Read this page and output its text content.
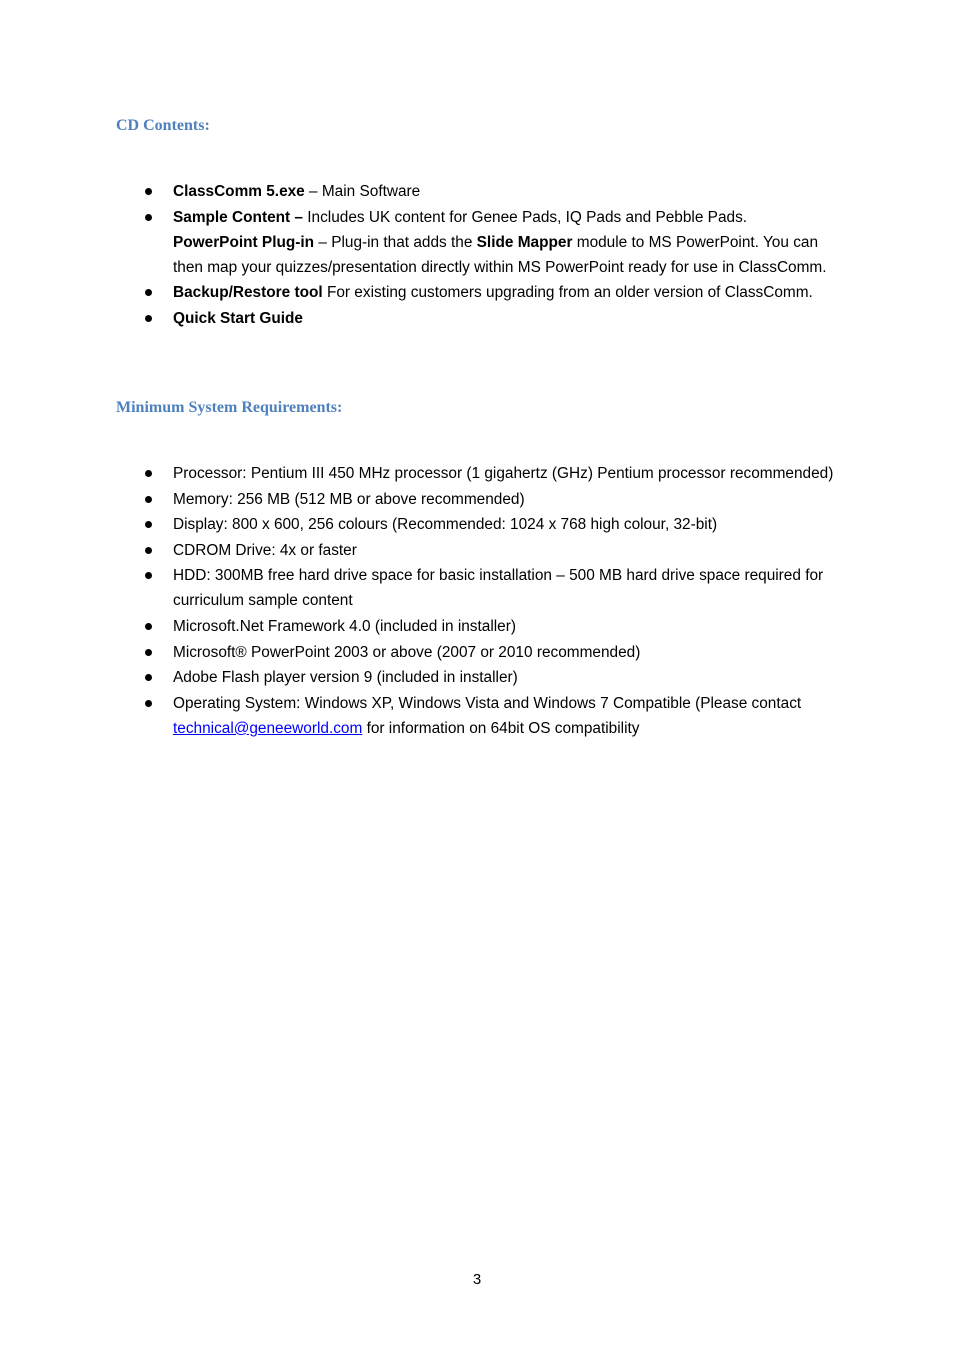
CD Contents:
ClassComm 5.exe – Main Software
Sample Content – Includes UK content for Genee Pads, IQ Pads and Pebble Pads.
PowerPoint Plug-in – Plug-in that adds the Slide Mapper module to MS PowerPoint. You can then map your quizzes/presentation directly within MS PowerPoint ready for use in ClassComm.
Backup/Restore tool For existing customers upgrading from an older version of ClassComm.
Quick Start Guide
Minimum System Requirements:
Processor: Pentium III 450 MHz processor (1 gigahertz (GHz) Pentium processor recommended)
Memory: 256 MB (512 MB or above recommended)
Display: 800 x 600, 256 colours (Recommended: 1024 x 768 high colour, 32-bit)
CDROM Drive: 4x or faster
HDD: 300MB free hard drive space for basic installation – 500 MB hard drive space required for curriculum sample content
Microsoft.Net Framework 4.0 (included in installer)
Microsoft® PowerPoint 2003 or above (2007 or 2010 recommended)
Adobe Flash player version 9 (included in installer)
Operating System: Windows XP, Windows Vista and Windows 7 Compatible (Please contact technical@geneeworld.com for information on 64bit OS compatibility
3
